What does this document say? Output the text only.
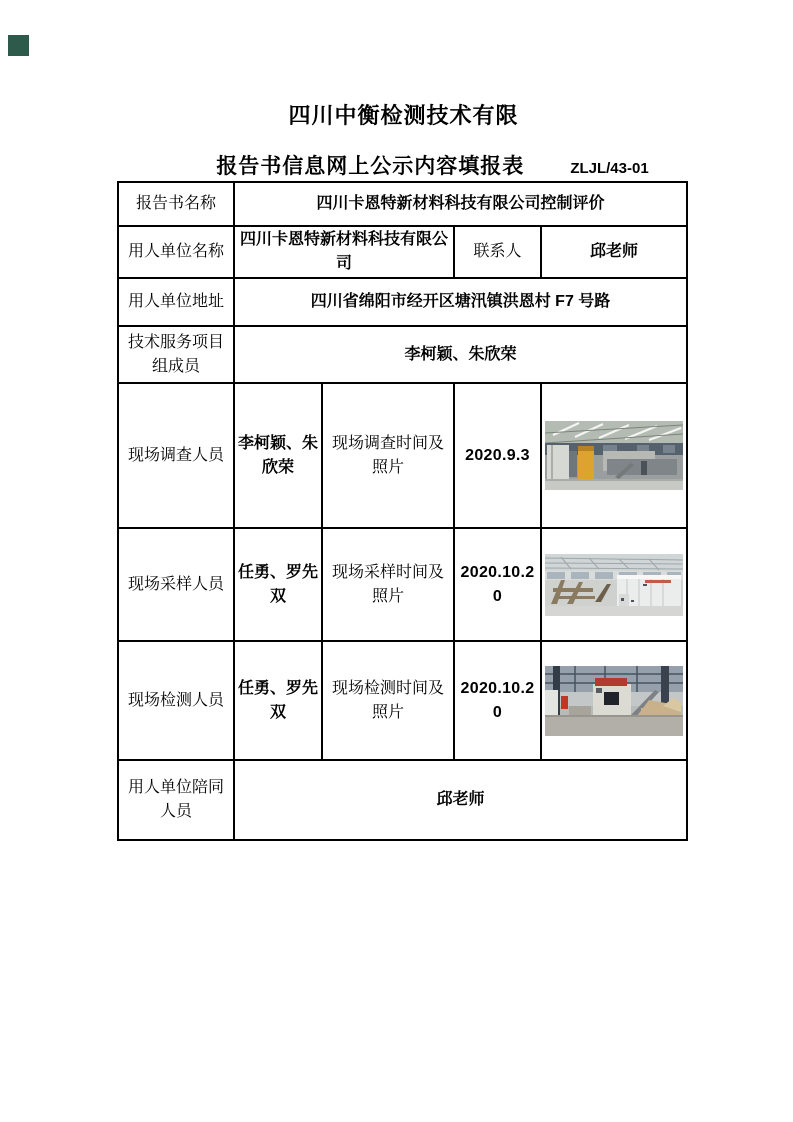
四川中衡检测技术有限
报告书信息网上公示内容填报表	ZLJL/43-01
报告书名称	四川卡恩特新材料科技有限公司控制评价			
用人单位名称	四川卡恩特新材料科技有限公司		联系人	邱老师
用人单位地址	四川省绵阳市经开区塘汛镇洪恩村 F7 号路			
技术服务项目组成员	李柯颖、朱欣荣			
现场调查人员	李柯颖、朱欣荣	现场调查时间及照片	2020.9.3	

现场采样人员	任勇、罗先双	现场采样时间及照片	2020.10.20	

现场检测人员	任勇、罗先双	现场检测时间及照片	2020.10.20	

用人单位陪同人员	邱老师			
